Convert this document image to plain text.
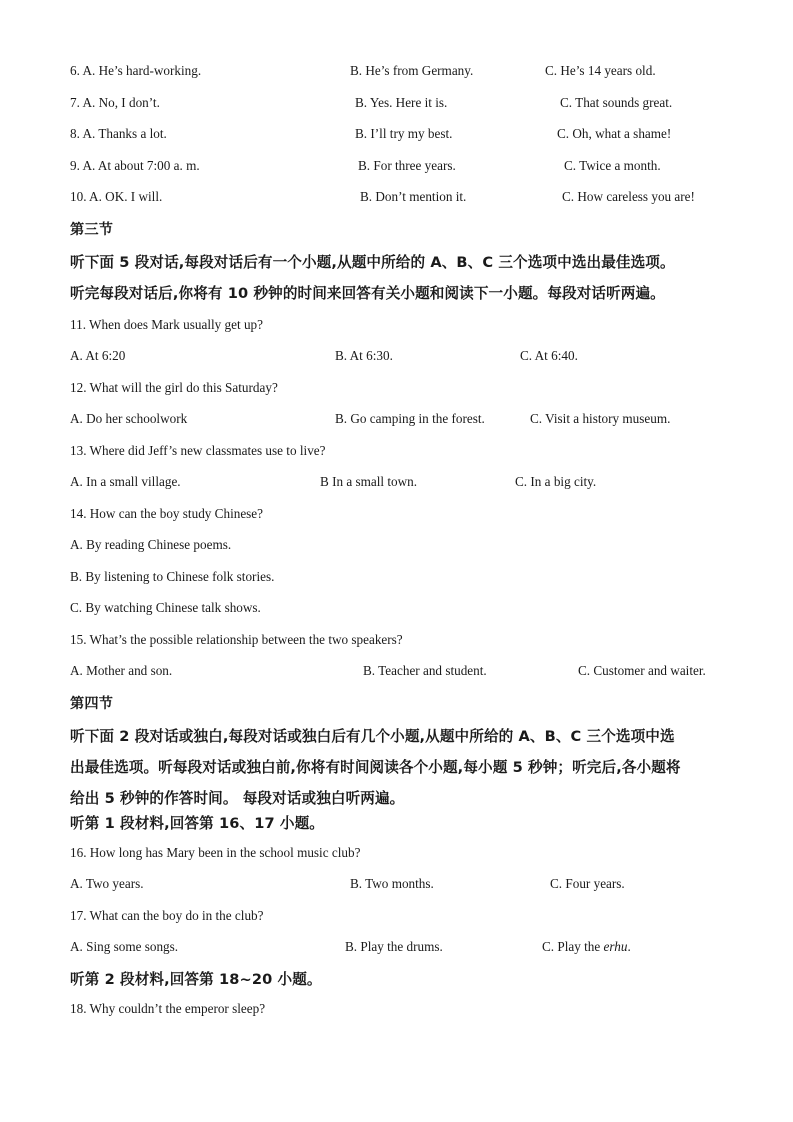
6. A. He’s hard-working.	B. He’s from Germany.	C. He’s 14 years old.
7. A. No, I don’t.	B. Yes. Here it is.	C. That sounds great.
8. A. Thanks a lot.	B. I’ll try my best.	C. Oh, what a shame!
9. A. At about 7:00 a. m.	B. For three years.	C. Twice a month.
10. A. OK. I will.	B. Don’t mention it.	C. How careless you are!
第三节
听下面 5 段对话,每段对话后有一个小题,从题中所给的 A、B、C 三个选项中选出最佳选项。
听完每段对话后,你将有 10 秒钟的时间来回答有关小题和阅读下一小题。每段对话听两遍。
11. When does Mark usually get up?
A. At 6:20	B. At 6:30.	C. At 6:40.
12. What will the girl do this Saturday?
A. Do her schoolwork	B. Go camping in the forest.	C. Visit a history museum.
13. Where did Jeff’s new classmates use to live?
A. In a small village.	B In a small town.	C. In a big city.
14. How can the boy study Chinese?
A. By reading Chinese poems.
B. By listening to Chinese folk stories.
C. By watching Chinese talk shows.
15. What’s the possible relationship between the two speakers?
A. Mother and son.	B. Teacher and student.	C. Customer and waiter.
第四节
听下面 2 段对话或独白,每段对话或独白后有几个小题,从题中所给的 A、B、C 三个选项中选
出最佳选项。听每段对话或独白前,你将有时间阅读各个小题,每小题 5 秒钟；听完后,各小题将
给出 5 秒钟的作答时间。 每段对话或独白听两遍。
听第 1 段材料,回答第 16、17 小题。
16. How long has Mary been in the school music club?
A. Two years.	B. Two months.	C. Four years.
17. What can the boy do in the club?
A. Sing some songs.	B. Play the drums.	C. Play the erhu.
听第 2 段材料,回答第 18~20 小题。
18. Why couldn’t the emperor sleep?
